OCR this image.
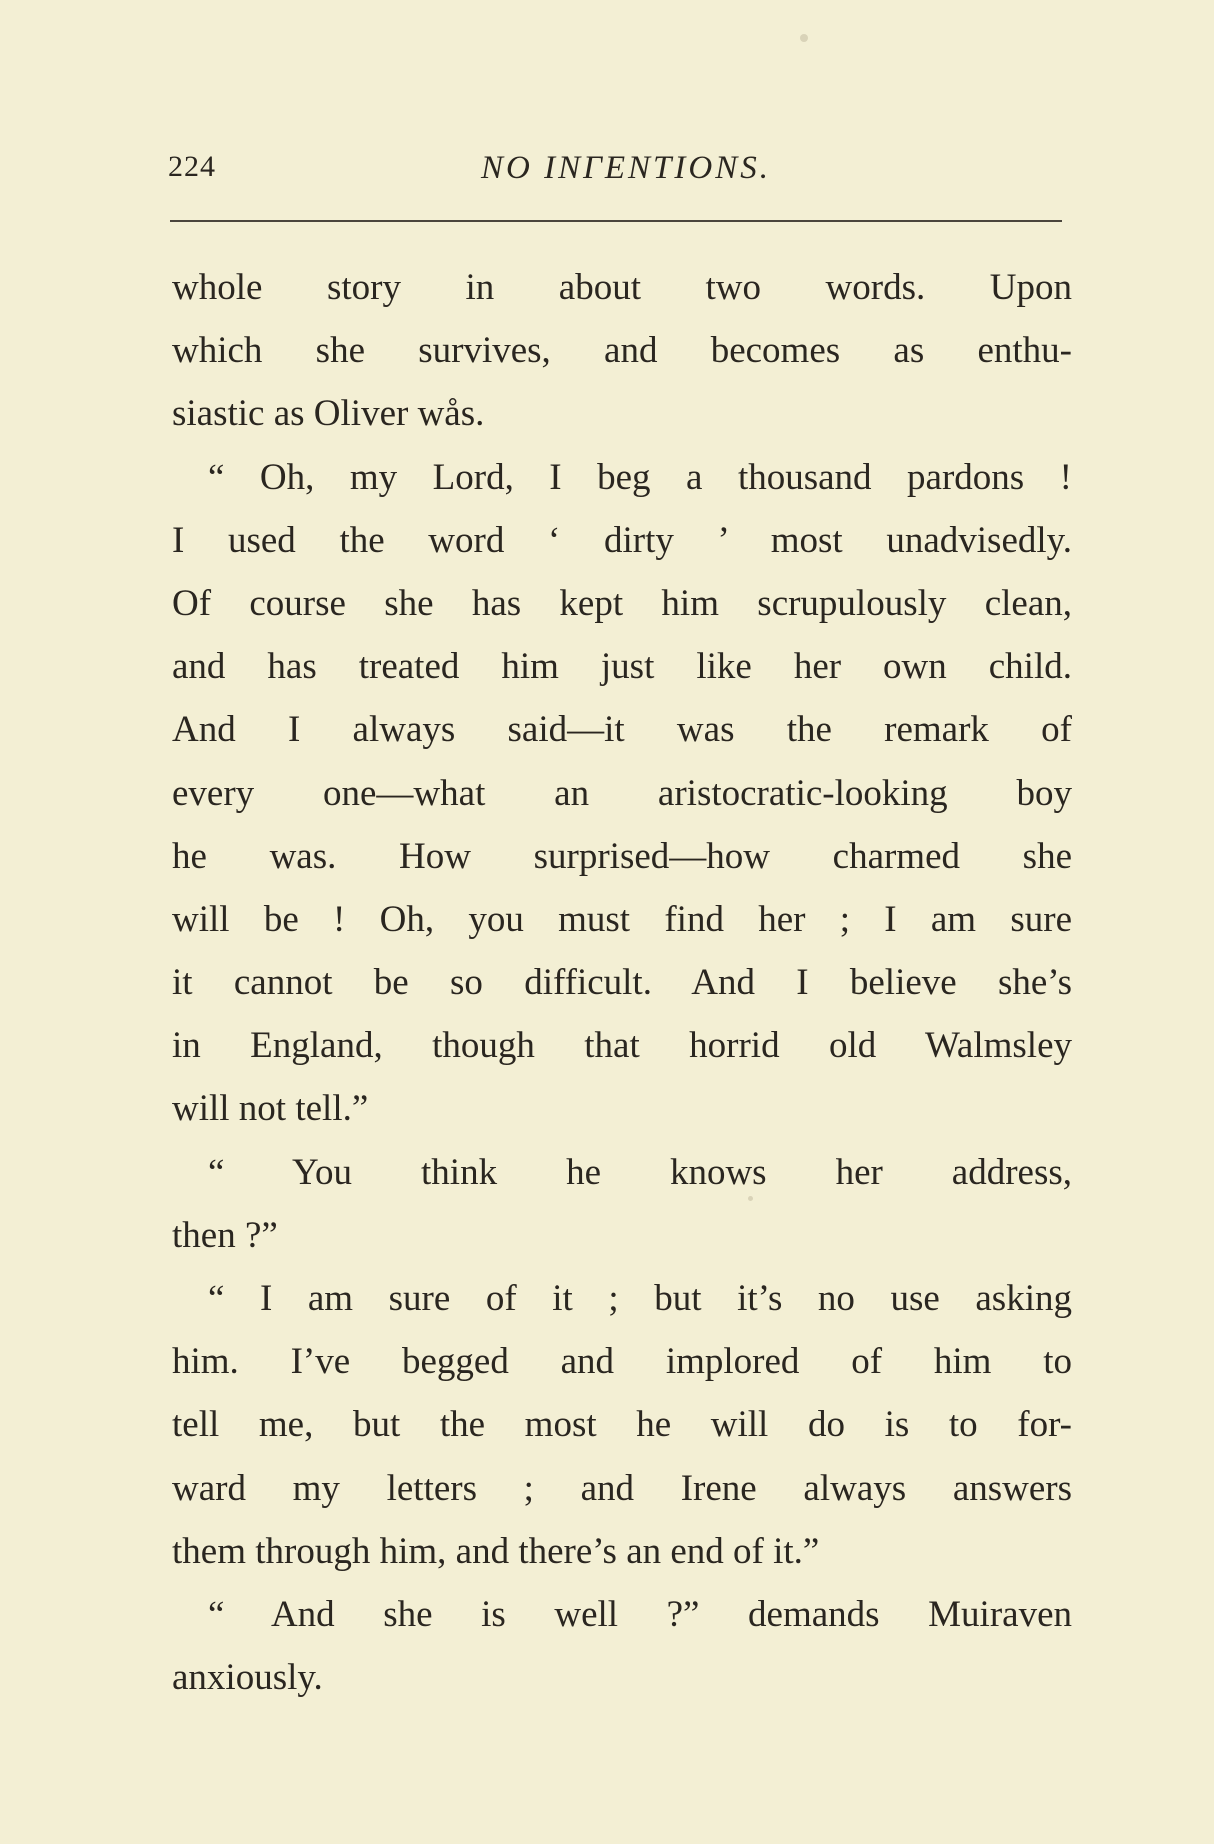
224	NO INΓENTIONS.
whole story in about two words. Upon
which she survives, and becomes as enthu-
siastic as Oliver wås.
“ Oh, my Lord, I beg a thousand pardons !
I used the word ‘ dirty ’ most unadvisedly.
Of course she has kept him scrupulously clean,
and has treated him just like her own child.
And I always said—it was the remark of
every one—what an aristocratic-looking boy
he was. How surprised—how charmed she
will be ! Oh, you must find her ; I am sure
it cannot be so difficult. And I believe she’s
in England, though that horrid old Walmsley
will not tell.”
“ You think he knows her address,
then ?”
“ I am sure of it ; but it’s no use asking
him. I’ve begged and implored of him to
tell me, but the most he will do is to for-
ward my letters ; and Irene always answers
them through him, and there’s an end of it.”
“ And she is well ?” demands Muiraven
anxiously.
